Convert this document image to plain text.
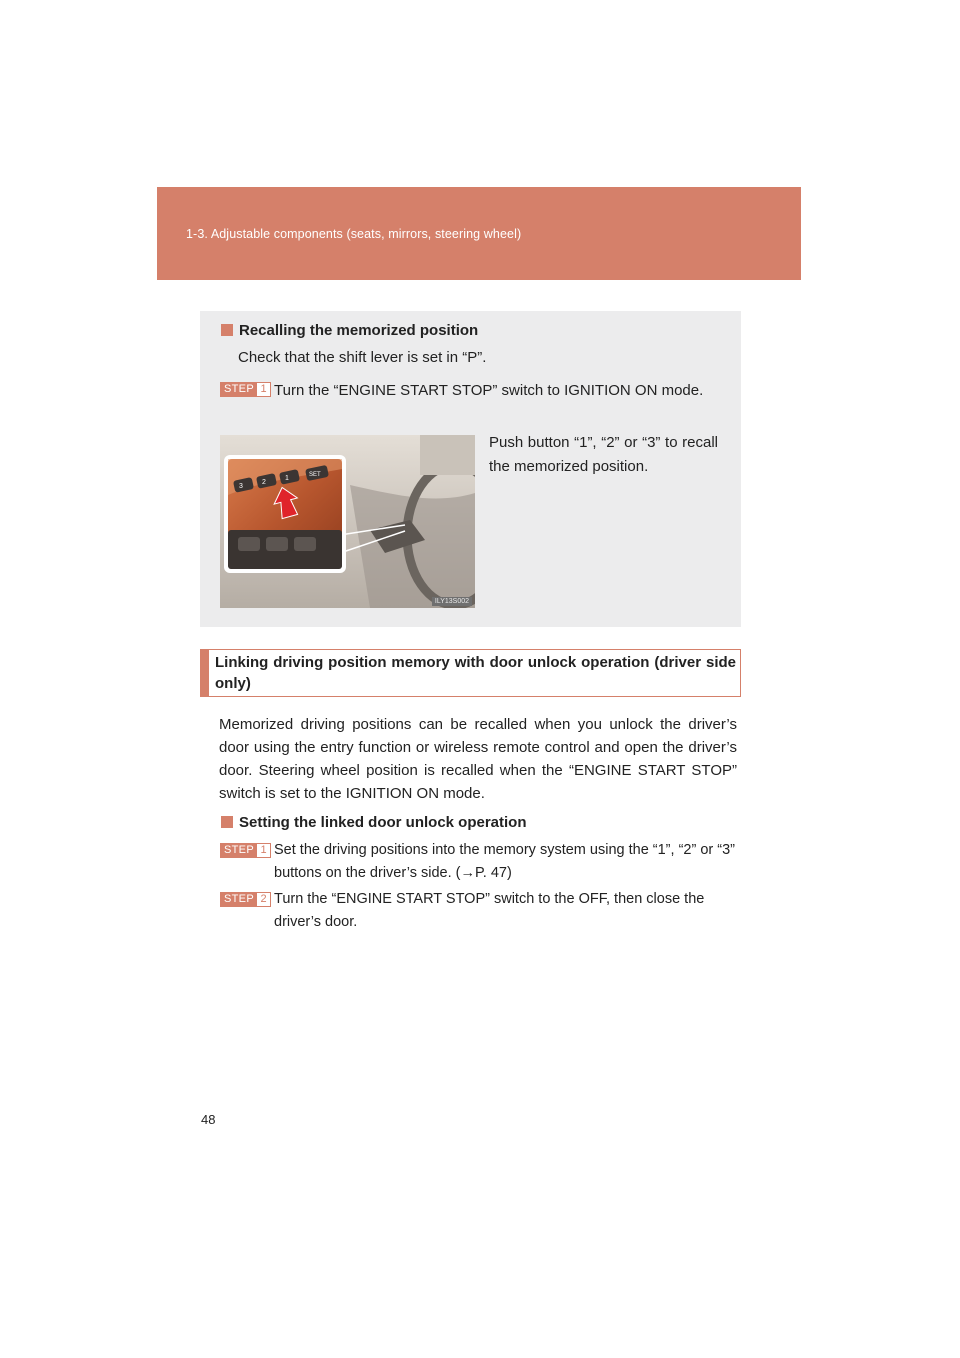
1-3. Adjustable components (seats, mirrors, steering wheel)
Recalling the memorized position
Check that the shift lever is set in “P”.
STEP 1 Turn the “ENGINE START STOP” switch to IGNITION ON mode.
Push button “1”, “2” or “3” to recall the memorized position.
3
2
1	SET
ILY13S002
Linking driving position memory with door unlock operation (driver side only)
Memorized driving positions can be recalled when you unlock the driver’s door using the entry function or wireless remote control and open the driver’s door. Steering wheel position is recalled when the “ENGINE START STOP” switch is set to the IGNITION ON mode.
Setting the linked door unlock operation
STEP 1 Set the driving positions into the memory system using the “1”, “2” or “3” buttons on the driver’s side. (→P. 47)
STEP 2 Turn the “ENGINE START STOP” switch to the OFF, then close the driver’s door.
48
